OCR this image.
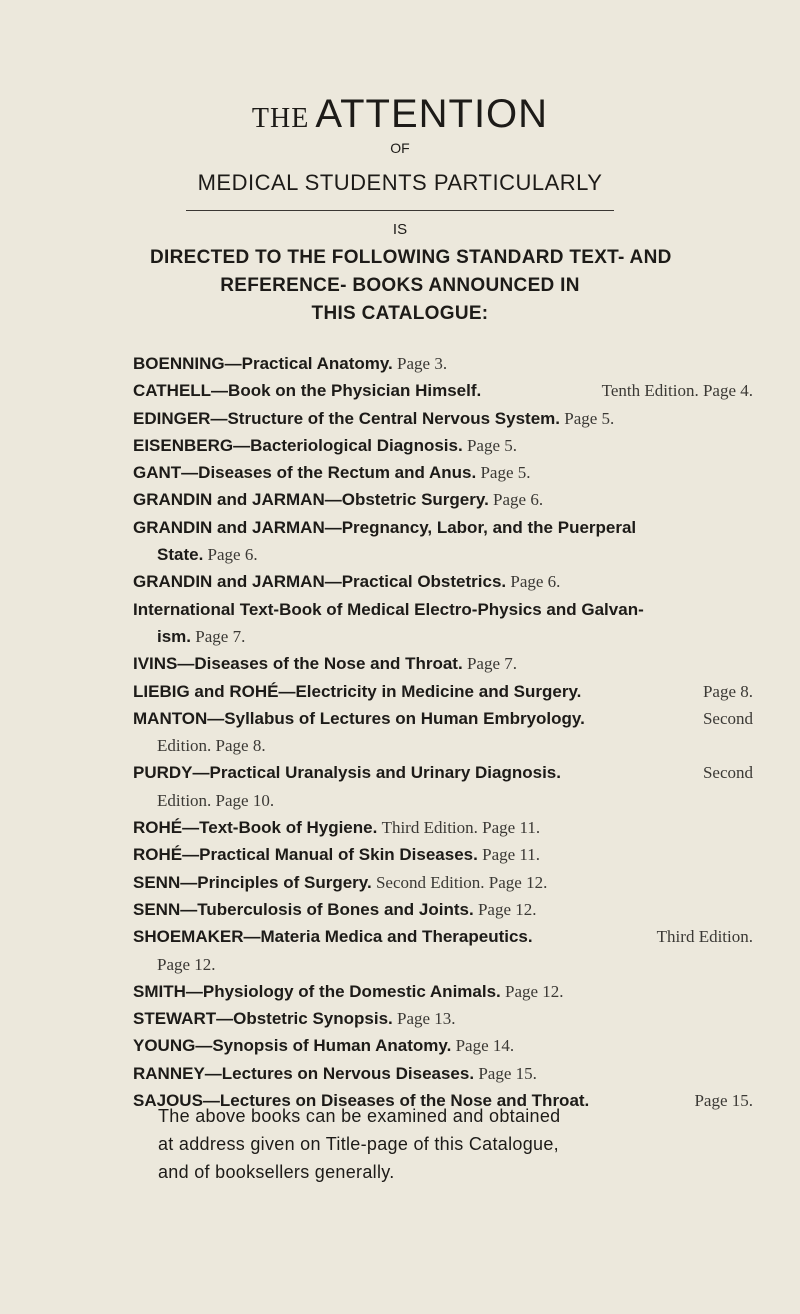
THE ATTENTION
OF
MEDICAL STUDENTS PARTICULARLY
IS
DIRECTED TO THE FOLLOWING STANDARD TEXT- AND
REFERENCE- BOOKS ANNOUNCED IN
THIS CATALOGUE:
BOENNING—Practical Anatomy. Page 3.
CATHELL—Book on the Physician Himself.	Tenth Edition. Page 4.
EDINGER—Structure of the Central Nervous System. Page 5.
EISENBERG—Bacteriological Diagnosis. Page 5.
GANT—Diseases of the Rectum and Anus. Page 5.
GRANDIN and JARMAN—Obstetric Surgery. Page 6.
GRANDIN and JARMAN—Pregnancy, Labor, and the Puerperal
State. Page 6.
GRANDIN and JARMAN—Practical Obstetrics. Page 6.
International Text-Book of Medical Electro-Physics and Galvan-
ism. Page 7.
IVINS—Diseases of the Nose and Throat. Page 7.
LIEBIG and ROHÉ—Electricity in Medicine and Surgery.	Page 8.
MANTON—Syllabus of Lectures on Human Embryology.	Second
Edition. Page 8.
PURDY—Practical Uranalysis and Urinary Diagnosis.	Second
Edition. Page 10.
ROHÉ—Text-Book of Hygiene. Third Edition. Page 11.
ROHÉ—Practical Manual of Skin Diseases. Page 11.
SENN—Principles of Surgery. Second Edition. Page 12.
SENN—Tuberculosis of Bones and Joints. Page 12.
SHOEMAKER—Materia Medica and Therapeutics.	Third Edition.
Page 12.
SMITH—Physiology of the Domestic Animals. Page 12.
STEWART—Obstetric Synopsis. Page 13.
YOUNG—Synopsis of Human Anatomy. Page 14.
RANNEY—Lectures on Nervous Diseases. Page 15.
SAJOUS—Lectures on Diseases of the Nose and Throat.	Page 15.
The above books can be examined and obtained
at address given on Title-page of this Catalogue,
and of booksellers generally.
